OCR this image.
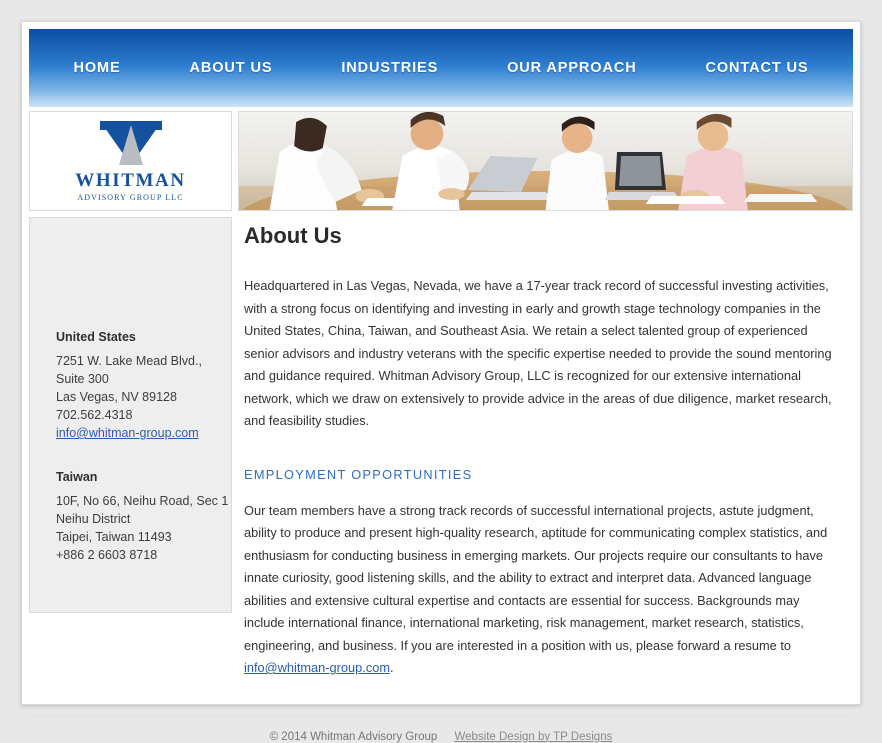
HOME	ABOUT US	INDUSTRIES	OUR APPROACH	CONTACT US
WHITMAN
ADVISORY GROUP LLC
United States
7251 W. Lake Mead Blvd.,
Suite 300
Las Vegas, NV 89128
702.562.4318
info@whitman-group.com
Taiwan
10F, No 66, Neihu Road, Sec 1
Neihu District
Taipei, Taiwan 11493
+886 2 6603 8718
About Us

Headquartered in Las Vegas, Nevada, we have a 17-year track record of successful investing activities, with a strong focus on identifying and investing in early and growth stage technology companies in the United States, China, Taiwan, and Southeast Asia. We retain a select talented group of experienced senior advisors and industry veterans with the specific expertise needed to provide the sound mentoring and guidance required. Whitman Advisory Group, LLC is recognized for our extensive international network, which we draw on extensively to provide advice in the areas of due diligence, market research, and feasibility studies.

EMPLOYMENT OPPORTUNITIES

Our team members have a strong track records of successful international projects, astute judgment, ability to produce and present high-quality research, aptitude for communicating complex statistics, and enthusiasm for conducting business in emerging markets. Our projects require our consultants to have innate curiosity, good listening skills, and the ability to extract and interpret data. Advanced language abilities and extensive cultural expertise and contacts are essential for success. Backgrounds may include international finance, international marketing, risk management, market research, statistics, engineering, and business. If you are interested in a position with us, please forward a resume to info@whitman-group.com.

© 2014 Whitman Advisory Group Website Design by TP Designs
